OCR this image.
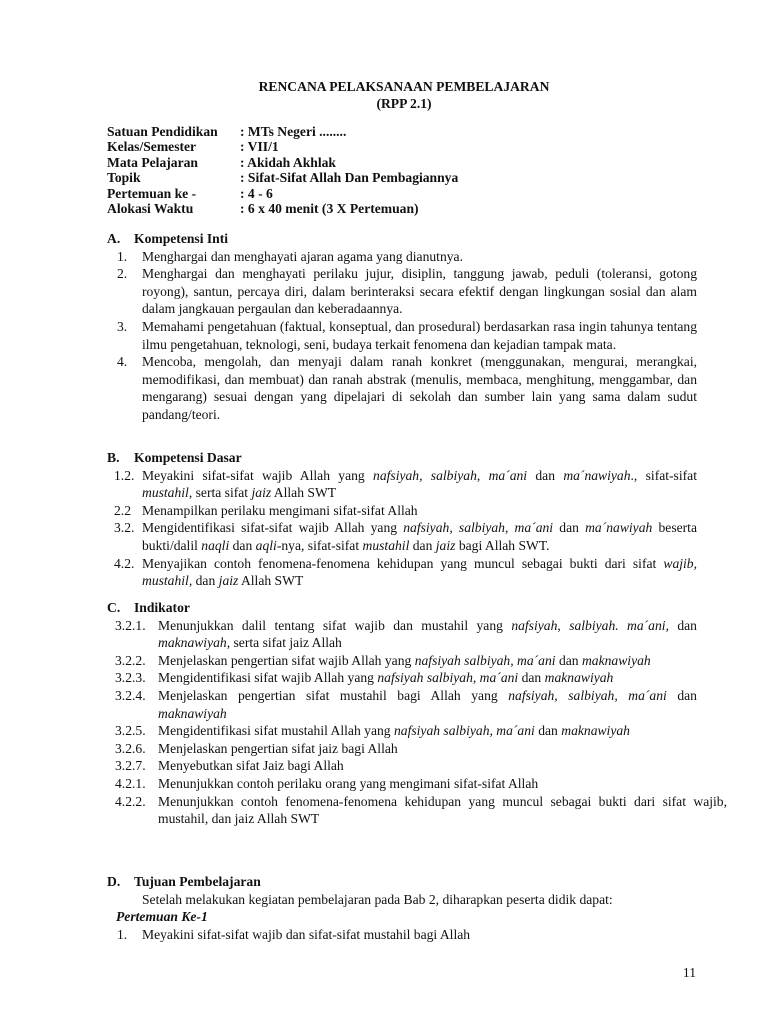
RENCANA PELAKSANAAN PEMBELAJARAN
(RPP 2.1)
Satuan Pendidikan	: MTs Negeri ........
Kelas/Semester	: VII/1
Mata Pelajaran	: Akidah Akhlak
Topik	: Sifat-Sifat Allah Dan Pembagiannya
Pertemuan ke -	: 4 - 6
Alokasi Waktu	: 6 x 40 menit (3 X Pertemuan)
A.	Kompetensi Inti
1.	Menghargai dan menghayati ajaran agama yang dianutnya.
2.	Menghargai dan menghayati perilaku jujur, disiplin, tanggung jawab, peduli (toleransi, gotong royong), santun, percaya diri, dalam berinteraksi secara efektif dengan lingkungan sosial dan alam dalam jangkauan pergaulan dan keberadaannya.
3.	Memahami pengetahuan (faktual, konseptual, dan prosedural) berdasarkan rasa ingin tahunya tentang ilmu pengetahuan, teknologi, seni, budaya terkait fenomena dan kejadian tampak mata.
4.	Mencoba, mengolah, dan menyaji dalam ranah konkret (menggunakan, mengurai, merangkai, memodifikasi, dan membuat) dan ranah abstrak (menulis, membaca, menghitung, menggambar, dan mengarang) sesuai dengan yang dipelajari di sekolah dan sumber lain yang sama dalam sudut pandang/teori.
B.	Kompetensi Dasar
1.2. Meyakini sifat-sifat wajib Allah yang nafsiyah, salbiyah, ma´ani dan ma´nawiyah., sifat-sifat mustahil, serta sifat jaiz Allah SWT
2.2 Menampilkan perilaku mengimani sifat-sifat Allah
3.2. Mengidentifikasi sifat-sifat wajib Allah yang nafsiyah, salbiyah, ma´ani dan ma´nawiyah beserta bukti/dalil naqli dan aqli-nya, sifat-sifat mustahil dan jaiz bagi Allah SWT.
4.2. Menyajikan contoh fenomena-fenomena kehidupan yang muncul sebagai bukti dari sifat wajib, mustahil, dan jaiz Allah SWT
C.	Indikator
3.2.1. Menunjukkan dalil tentang sifat wajib dan mustahil yang nafsiyah, salbiyah. ma´ani, dan maknawiyah, serta sifat jaiz Allah
3.2.2. Menjelaskan pengertian sifat wajib Allah yang nafsiyah salbiyah, ma´ani dan maknawiyah
3.2.3. Mengidentifikasi sifat wajib Allah yang nafsiyah salbiyah, ma´ani dan maknawiyah
3.2.4. Menjelaskan pengertian sifat mustahil bagi Allah yang nafsiyah, salbiyah, ma´ani dan maknawiyah
3.2.5. Mengidentifikasi sifat mustahil Allah yang nafsiyah salbiyah, ma´ani dan maknawiyah
3.2.6. Menjelaskan pengertian sifat jaiz bagi Allah
3.2.7. Menyebutkan sifat Jaiz bagi Allah
4.2.1. Menunjukkan contoh perilaku orang yang mengimani sifat-sifat Allah
4.2.2. Menunjukkan contoh fenomena-fenomena kehidupan yang muncul sebagai bukti dari sifat wajib, mustahil, dan jaiz Allah SWT
D.	Tujuan Pembelajaran
Setelah melakukan kegiatan pembelajaran pada Bab 2, diharapkan peserta didik dapat:
Pertemuan Ke-1
1.	Meyakini sifat-sifat wajib dan sifat-sifat mustahil bagi Allah
11
